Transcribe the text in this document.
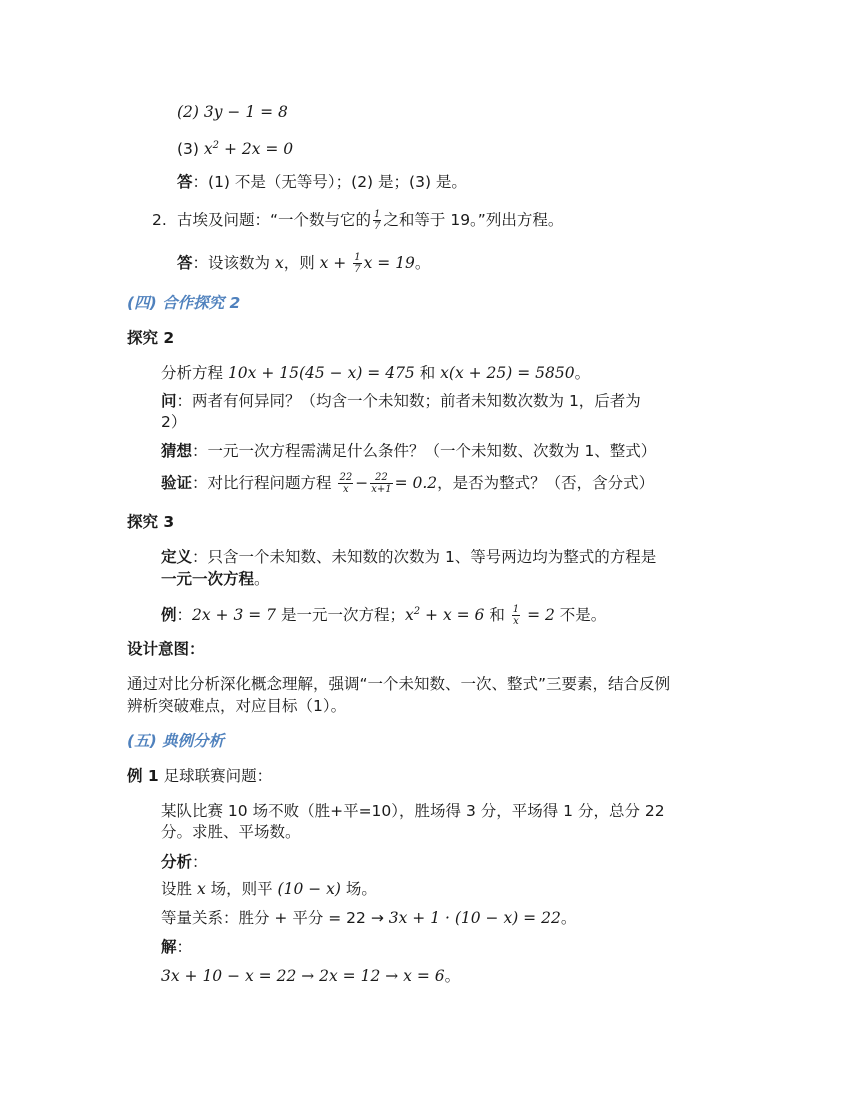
(2) 3y − 1 = 8
(3) $x^2 + 2x = 0$
答：(1) 不是（无等号）；(2) 是；(3) 是。
2. 古埃及问题：“一个数与它的 $\frac{1}{7}$ 之和等于 19。”列出方程。
答：设该数为 x，则 $x + \frac{1}{7}$ x = 19。
(四) 合作探究 2
探究 2
分析方程 10x + 15(45 − x) = 475 和 x(x + 25) = 5850。
问：两者有何异同？（均含一个未知数；前者未知数次数为 1，后者为
2）
猜想：一元一次方程需满足什么条件？（一个未知数、次数为 1、整式）
验证：对比行程问题方程 $\frac{22}{x} - \frac{22}{x+1} = 0.2$，是否为整式？（否，含分式）
探究 3
定义：只含一个未知数、未知数的次数为 1、等号两边均为整式的方程是
一元一次方程。
例：2x + 3 = 7 是一元一次方程；$x^2 + x = 6$ 和 $\frac{1}{x} = 2$ 不是。
设计意图：
通过对比分析深化概念理解，强调“一个未知数、一次、整式”三要素，结合反例
辨析突破难点，对应目标（1）。
(五) 典例分析
例 1 足球联赛问题：
某队比赛 10 场不败（胜+平=10），胜场得 3 分，平场得 1 分，总分 22
分。求胜、平场数。
分析：
设胜 x 场，则平 (10 − x) 场。
等量关系：胜分 + 平分 = 22 → 3x + 1 · (10 − x) = 22。
解：
3x + 10 − x = 22 → 2x = 12 → x = 6。
